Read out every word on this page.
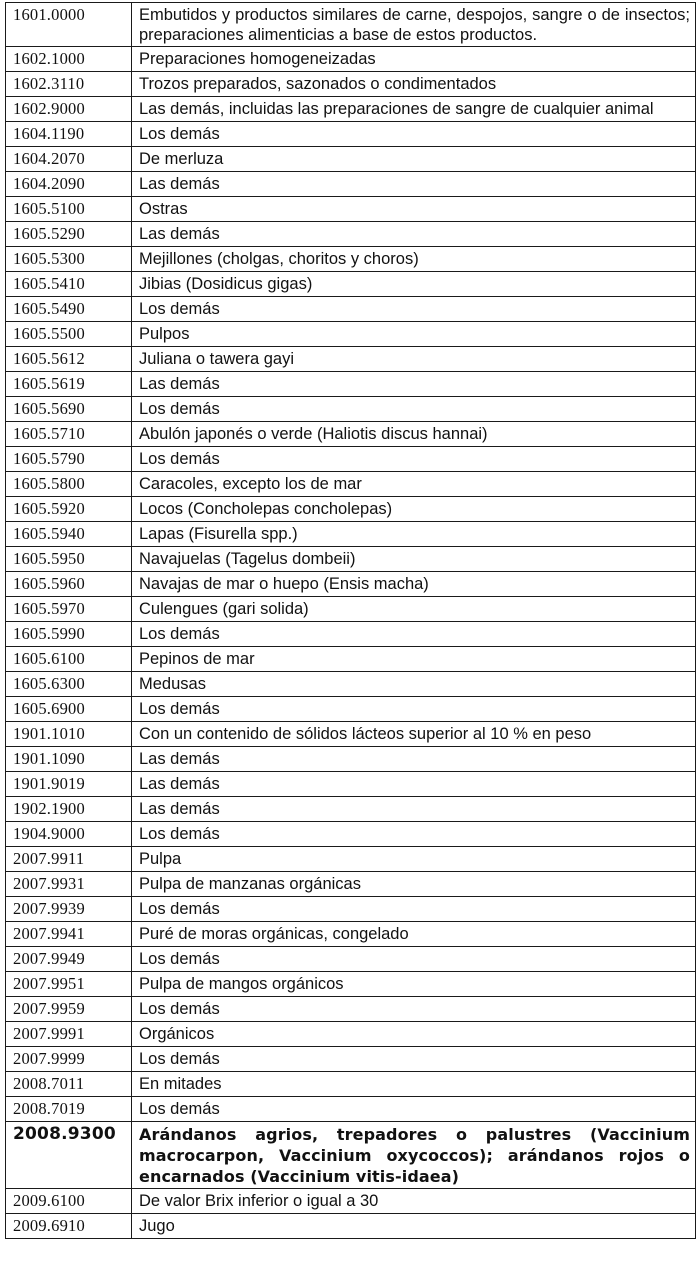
1601.0000	Embutidos y productos similares de carne, despojos, sangre o de insectos; preparaciones alimenticias a base de estos productos.
1602.1000	Preparaciones homogeneizadas
1602.3110	Trozos preparados, sazonados o condimentados
1602.9000	Las demás, incluidas las preparaciones de sangre de cualquier animal
1604.1190	Los demás
1604.2070	De merluza
1604.2090	Las demás
1605.5100	Ostras
1605.5290	Las demás
1605.5300	Mejillones (cholgas, choritos y choros)
1605.5410	Jibias (Dosidicus gigas)
1605.5490	Los demás
1605.5500	Pulpos
1605.5612	Juliana o tawera gayi
1605.5619	Las demás
1605.5690	Los demás
1605.5710	Abulón japonés o verde (Haliotis discus hannai)
1605.5790	Los demás
1605.5800	Caracoles, excepto los de mar
1605.5920	Locos (Concholepas concholepas)
1605.5940	Lapas (Fisurella spp.)
1605.5950	Navajuelas (Tagelus dombeii)
1605.5960	Navajas de mar o huepo (Ensis macha)
1605.5970	Culengues (gari solida)
1605.5990	Los demás
1605.6100	Pepinos de mar
1605.6300	Medusas
1605.6900	Los demás
1901.1010	Con un contenido de sólidos lácteos superior al 10 % en peso
1901.1090	Las demás
1901.9019	Las demás
1902.1900	Las demás
1904.9000	Los demás
2007.9911	Pulpa
2007.9931	Pulpa de manzanas orgánicas
2007.9939	Los demás
2007.9941	Puré de moras orgánicas, congelado
2007.9949	Los demás
2007.9951	Pulpa de mangos orgánicos
2007.9959	Los demás
2007.9991	Orgánicos
2007.9999	Los demás
2008.7011	En mitades
2008.7019	Los demás
2008.9300	Arándanos agrios, trepadores o palustres (Vaccinium macrocarpon, Vaccinium oxycoccos); arándanos rojos o encarnados (Vaccinium vitis-idaea)
2009.6100	De valor Brix inferior o igual a 30
2009.6910	Jugo
